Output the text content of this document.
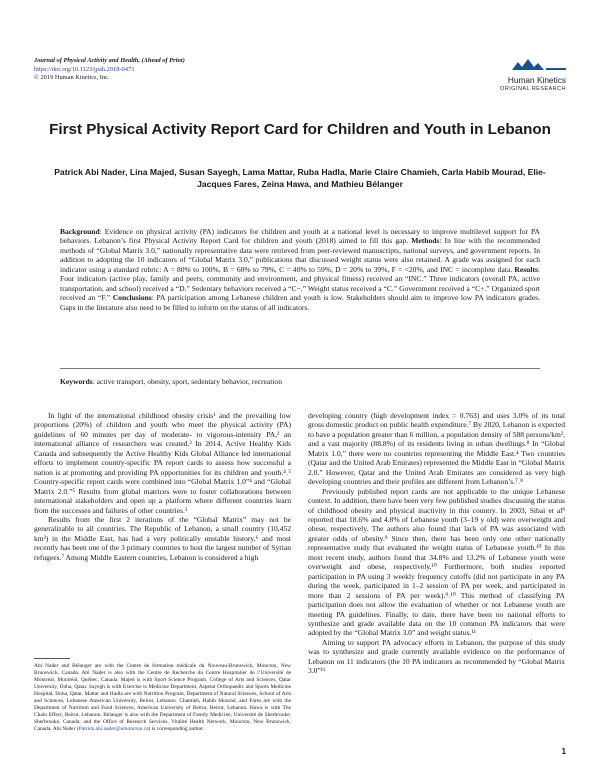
Journal of Physical Activity and Health, (Ahead of Print)
https://doi.org/10.1123/jpah.2018-0473
© 2019 Human Kinetics, Inc.	Human Kinetics
ORIGINAL RESEARCH
First Physical Activity Report Card for Children and Youth in Lebanon
Patrick Abi Nader, Lina Majed, Susan Sayegh, Lama Mattar, Ruba Hadla, Marie Claire Chamieh, Carla Habib Mourad, Elie-Jacques Fares, Zeina Hawa, and Mathieu Bélanger
Background: Evidence on physical activity (PA) indicators for children and youth at a national level is necessary to improve multilevel support for PA behaviors. Lebanon’s first Physical Activity Report Card for children and youth (2018) aimed to fill this gap. Methods: In line with the recommended methods of “Global Matrix 3.0,” nationally representative data were retrieved from peer-reviewed manuscripts, national surveys, and government reports. In addition to adopting the 10 indicators of “Global Matrix 3.0,” publications that discussed weight status were also retained. A grade was assigned for each indicator using a standard rubric: A = 80% to 100%, B = 60% to 79%, C = 40% to 59%, D = 20% to 39%, F = <20%, and INC = incomplete data. Results: Four indicators (active play, family and peers, community and environment, and physical fitness) received an “INC.” Three indicators (overall PA, active transportation, and school) received a “D.” Sedentary behaviors received a “C−.” Weight status received a “C.” Government received a “C+.” Organized sport received an “F.” Conclusions: PA participation among Lebanese children and youth is low. Stakeholders should aim to improve low PA indicators grades. Gaps in the literature also need to be filled to inform on the status of all indicators.
Keywords: active transport, obesity, sport, sedentary behavior, recreation

In light of the international childhood obesity crisis¹ and the prevailing low proportions (20%) of children and youth who meet the physical activity (PA) guidelines of 60 minutes per day of moderate- to vigorous-intensity PA,² an international alliance of researchers was created.³ In 2014, Active Healthy Kids Canada and subsequently the Active Healthy Kids Global Alliance led international efforts to implement country-specific PA report cards to assess how successful a nation is at promoting and providing PA opportunities for its children and youth.⁴˒⁵ Country-specific report cards were combined into “Global Matrix 1.0”⁴ and “Global Matrix 2.0.”⁵ Results from global matrices were to foster collaborations between international stakeholders and open up a platform where different countries learn from the successes and failures of other countries.³

Results from the first 2 iterations of the “Global Matrix” may not be generalizable to all countries. The Republic of Lebanon, a small country (10,452 km²) in the Middle East, has had a very politically unstable history,⁶ and most recently has been one of the 3 primary countries to host the largest number of Syrian refugees.⁷ Among Middle Eastern countries, Lebanon is considered a high

developing country (high development index = 0.763) and uses 3.0% of its total gross domestic product on public health expenditure.⁷ By 2020, Lebanon is expected to have a population greater than 6 million, a population density of 588 persons/km², and a vast majority (88.8%) of its residents living in urban dwellings.⁸ In “Global Matrix 1.0,” there were no countries representing the Middle East.⁴ Two countries (Qatar and the United Arab Emirates) represented the Middle East in “Global Matrix 2.0.” However, Qatar and the United Arab Emirates are considered as very high developing countries and their profiles are different from Lebanon’s.⁷˒⁸

Previously published report cards are not applicable to the unique Lebanese context. In addition, there have been very few published studies discussing the status of childhood obesity and physical inactivity in this country. In 2003, Sibai et al⁹ reported that 18.6% and 4.8% of Lebanese youth (3–19 y old) were overweight and obese, respectively. The authors also found that lack of PA was associated with greater odds of obesity.⁹ Since then, there has been only one other nationally representative study that evaluated the weight status of Lebanese youth.¹⁰ In this most recent study, authors found that 34.8% and 13.2% of Lebanese youth were overweight and obese, respectively.¹⁰ Furthermore, both studies reported participation in PA using 3 weekly frequency cutoffs (did not participate in any PA during the week, participated in 1–2 session of PA per week, and participated in more than 2 sessions of PA per week).⁹˒¹⁰ This method of classifying PA participation does not allow the evaluation of whether or not Lebanese youth are meeting PA guidelines. Finally, to date, there have been no national efforts to synthesize and grade available data on the 10 common PA indicators that were adopted by the “Global Matrix 3.0” and weight status.¹¹

Aiming to support PA advocacy efforts in Lebanon, the purpose of this study was to synthesize and grade currently available evidence on the performance of Lebanon on 11 indicators (the 10 PA indicators as recommended by “Global Matrix 3.0”¹¹

Abi Nader and Bélanger are with the Centre de formation médicale du Nouveau-Brunswick, Moncton, New Brunswick, Canada. Abi Nader is also with the Centre de Recherche du Centre Hospitalier de l’Université de Montréal, Montréal, Québec, Canada. Majed is with Sport Science Program, College of Arts and Sciences, Qatar University, Doha, Qatar. Sayegh is with Exercise is Medicine Department, Aspetar Orthopaedic and Sports Medicine Hospital, Doha, Qatar. Mattar and Hadla are with Nutrition Program, Department of Natural Sciences, School of Arts and Sciences, Lebanese American University, Beirut, Lebanon. Chamieh, Habib Mourad, and Fares are with the Department of Nutrition and Food Sciences, American University of Beirut, Beirut, Lebanon. Hawa is with The Chain Effect, Beirut, Lebanon. Bélanger is also with the Department of Family Medicine, Université de Sherbrooke, Sherbrooke, Canada; and the Office of Research Services, Vitalité Health Network, Moncton, New Brunswick, Canada. Abi Nader (Patrick.abi.nader@umoncton.ca) is corresponding author.
1
